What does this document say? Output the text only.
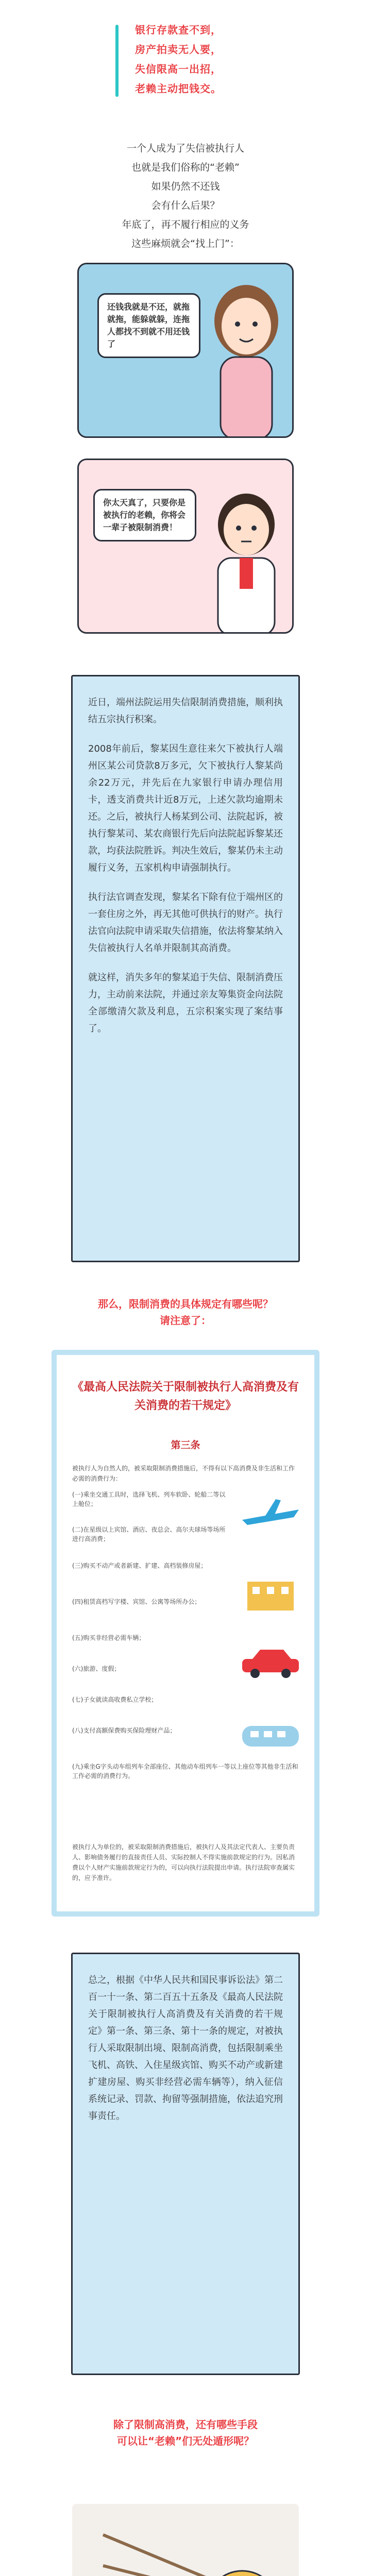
银行存款查不到，
房产拍卖无人要，
失信限高一出招，
老赖主动把钱交。
一个人成为了失信被执行人
也就是我们俗称的“老赖”
如果仍然不还钱
会有什么后果？
年底了，再不履行相应的义务
这些麻烦就会“找上门”：
还钱我就是不还，就拖就拖，能躲就躲，连拖人都找不到就不用还钱了
你太天真了，只要你是被执行的老赖，你将会一辈子被限制消费！

近日，端州法院运用失信限制消费措施，顺利执结五宗执行积案。

2008年前后，黎某因生意往来欠下被执行人端州区某公司贷款8万多元，欠下被执行人黎某尚余22万元，并先后在九家银行申请办理信用卡，透支消费共计近8万元，上述欠款均逾期未还。之后，被执行人杨某到公司、法院起诉，被执行黎某司、某农商银行先后向法院起诉黎某还款，均获法院胜诉。判决生效后，黎某仍未主动履行义务，五家机构申请强制执行。

执行法官调查发现，黎某名下除有位于端州区的一套住房之外，再无其他可供执行的财产。执行法官向法院申请采取失信措施，依法将黎某纳入失信被执行人名单并限制其高消费。

就这样，消失多年的黎某追于失信、限制消费压力，主动前来法院，并通过亲友筹集资金向法院全部缴清欠款及利息，五宗积案实现了案结事了。

那么，限制消费的具体规定有哪些呢？
请注意了：
《最高人民法院关于限制被执行人高消费及有关消费的若干规定》
第三条
被执行人为自然人的，被采取限制消费措施后，不得有以下高消费及非生活和工作必需的消费行为：
(一)乘坐交通工具时，选择飞机、列车软卧、轮船二等以上舱位；
(二)在星级以上宾馆、酒店、夜总会、高尔夫球场等场所进行高消费；
(三)购买不动产或者新建、扩建、高档装修房屋；
(四)租赁高档写字楼、宾馆、公寓等场所办公；
(五)购买非经营必需车辆；
(六)旅游、度假；
(七)子女就读高收费私立学校；
(八)支付高额保费购买保险理财产品；
(九)乘坐G字头动车组列车全部座位、其他动车组列车一等以上座位等其他非生活和工作必需的消费行为。
被执行人为单位的，被采取限制消费措施后，被执行人及其法定代表人、主要负责人、影响债务履行的直接责任人员、实际控制人不得实施前款规定的行为。因私消费以个人财产实施前款规定行为的，可以向执行法院提出申请。执行法院审查属实的，应予准许。

总之，根据《中华人民共和国民事诉讼法》第二百一十一条、第二百五十五条及《最高人民法院关于限制被执行人高消费及有关消费的若干规定》第一条、第三条、第十一条的规定，对被执行人采取限制出境、限制高消费，包括限制乘坐飞机、高铁、入住星级宾馆、购买不动产或新建扩建房屋、购买非经营必需车辆等），纳入征信系统记录、罚款、拘留等强制措施，依法追究刑事责任。

除了限制高消费，还有哪些手段
可以让“老赖”们无处遁形呢？
